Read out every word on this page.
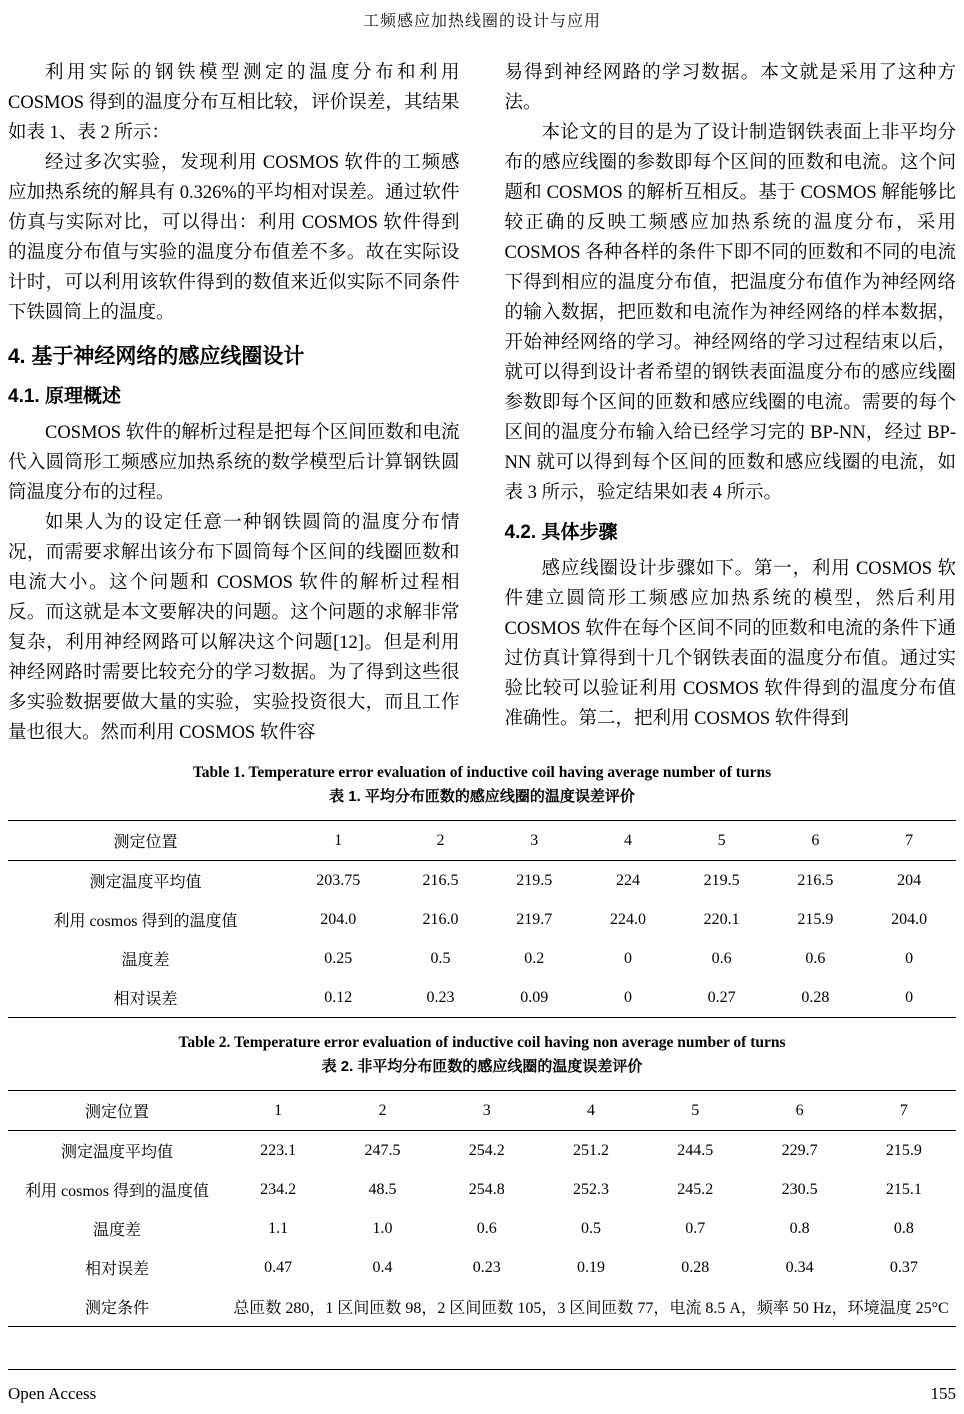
工频感应加热线圈的设计与应用

利用实际的钢铁模型测定的温度分布和利用 COSMOS 得到的温度分布互相比较，评价误差，其结果如表 1、表 2 所示：

经过多次实验，发现利用 COSMOS 软件的工频感应加热系统的解具有 0.326%的平均相对误差。通过软件仿真与实际对比，可以得出：利用 COSMOS 软件得到的温度分布值与实验的温度分布值差不多。故在实际设计时，可以利用该软件得到的数值来近似实际不同条件下铁圆筒上的温度。

4. 基于神经网络的感应线圈设计
4.1. 原理概述

COSMOS 软件的解析过程是把每个区间匝数和电流代入圆筒形工频感应加热系统的数学模型后计算钢铁圆筒温度分布的过程。

如果人为的设定任意一种钢铁圆筒的温度分布情况，而需要求解出该分布下圆筒每个区间的线圈匝数和电流大小。这个问题和 COSMOS 软件的解析过程相反。而这就是本文要解决的问题。这个问题的求解非常复杂，利用神经网路可以解决这个问题[12]。但是利用神经网路时需要比较充分的学习数据。为了得到这些很多实验数据要做大量的实验，实验投资很大，而且工作量也很大。然而利用 COSMOS 软件容

易得到神经网路的学习数据。本文就是采用了这种方法。

本论文的目的是为了设计制造钢铁表面上非平均分布的感应线圈的参数即每个区间的匝数和电流。这个问题和 COSMOS 的解析互相反。基于 COSMOS 解能够比较正确的反映工频感应加热系统的温度分布，采用 COSMOS 各种各样的条件下即不同的匝数和不同的电流下得到相应的温度分布值，把温度分布值作为神经网络的输入数据，把匝数和电流作为神经网络的样本数据，开始神经网络的学习。神经网络的学习过程结束以后，就可以得到设计者希望的钢铁表面温度分布的感应线圈参数即每个区间的匝数和感应线圈的电流。需要的每个区间的温度分布输入给已经学习完的 BP-NN，经过 BP-NN 就可以得到每个区间的匝数和感应线圈的电流，如表 3 所示，验定结果如表 4 所示。

4.2. 具体步骤

感应线圈设计步骤如下。第一，利用 COSMOS 软件建立圆筒形工频感应加热系统的模型，然后利用 COSMOS 软件在每个区间不同的匝数和电流的条件下通过仿真计算得到十几个钢铁表面的温度分布值。通过实验比较可以验证利用 COSMOS 软件得到的温度分布值准确性。第二，把利用 COSMOS 软件得到

Table 1. Temperature error evaluation of inductive coil having average number of turns
表 1. 平均分布匝数的感应线圈的温度误差评价
测定位置	1	2	3	4	5	6	7
测定温度平均值	203.75	216.5	219.5	224	219.5	216.5	204
利用 cosmos 得到的温度值	204.0	216.0	219.7	224.0	220.1	215.9	204.0
温度差	0.25	0.5	0.2	0	0.6	0.6	0
相对误差	0.12	0.23	0.09	0	0.27	0.28	0
Table 2. Temperature error evaluation of inductive coil having non average number of turns
表 2. 非平均分布匝数的感应线圈的温度误差评价
测定位置	1	2	3	4	5	6	7
测定温度平均值	223.1	247.5	254.2	251.2	244.5	229.7	215.9
利用 cosmos 得到的温度值	234.2	48.5	254.8	252.3	245.2	230.5	215.1
温度差	1.1	1.0	0.6	0.5	0.7	0.8	0.8
相对误差	0.47	0.4	0.23	0.19	0.28	0.34	0.37
测定条件	总匝数 280，1 区间匝数 98，2 区间匝数 105，3 区间匝数 77，电流 8.5 A，频率 50 Hz，环境温度 25°C						
Open Access	155
